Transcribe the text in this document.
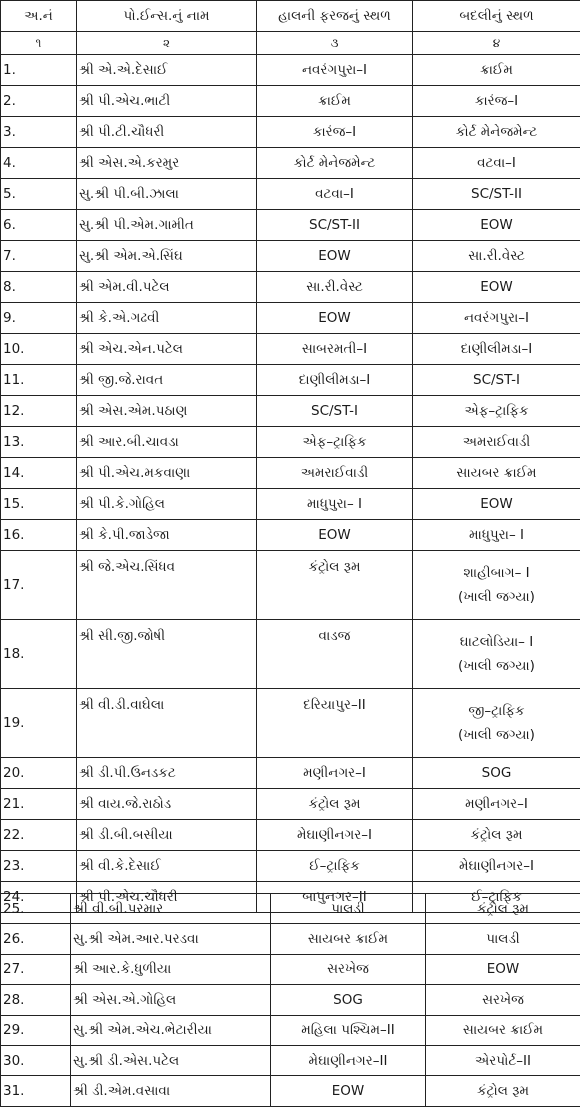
અ.નં	પો.ઈન્સ.નું નામ	હાલની ફરજનું સ્થળ	બદલીનું સ્થળ
૧	૨	૩	૪
1.	શ્રી એ.એ.દેસાઈ	નવરંગપુરા–I	ક્રાઈમ
2.	શ્રી પી.એચ.ભાટી	ક્રાઈમ	કારંજ–I
3.	શ્રી પી.ટી.ચૌધરી	કારંજ–I	કોર્ટ મેનેજમેન્ટ
4.	શ્રી એસ.એ.કરમુર	કોર્ટ મેનેજમેન્ટ	વટવા–I
5.	સુ.શ્રી પી.બી.ઝાલા	વટવા–I	SC/ST-II
6.	સુ.શ્રી પી.એમ.ગામીત	SC/ST-II	EOW
7.	સુ.શ્રી એમ.એ.સિંઘ	EOW	સા.રી.વેસ્ટ
8.	શ્રી એમ.વી.પટેલ	સા.રી.વેસ્ટ	EOW
9.	શ્રી કે.એ.ગઢવી	EOW	નવરંગપુરા–I
10.	શ્રી એચ.એન.પટેલ	સાબરમતી–I	દાણીલીમડા–I
11.	શ્રી જી.જે.રાવત	દાણીલીમડા–I	SC/ST-I
12.	શ્રી એસ.એમ.પઠાણ	SC/ST-I	એફ–ટ્રાફિક
13.	શ્રી આર.બી.ચાવડા	એફ–ટ્રાફિક	અમરાઈવાડી
14.	શ્રી પી.એચ.મકવાણા	અમરાઈવાડી	સાયબર ક્રાઈમ
15.	શ્રી પી.કે.ગોહિલ	માધુપુરા– I	EOW
16.	શ્રી કે.પી.જાડેજા	EOW	માધુપુરા– I
17.	શ્રી જે.એચ.સિંધવ	કંટ્રોલ રૂમ	શાહીબાગ– I
(ખાલી જગ્યા)

18.	શ્રી સી.જી.જોષી	વાડજ	ઘાટલોડિયા– I
(ખાલી જગ્યા)

19.	શ્રી વી.ડી.વાઘેલા	દરિયાપુર–II	જી–ટ્રાફિક
(ખાલી જગ્યા)

20.	શ્રી ડી.પી.ઉનડકટ	મણીનગર–I	SOG
21.	શ્રી વાય.જે.રાઠોડ	કંટ્રોલ રૂમ	મણીનગર–I
22.	શ્રી ડી.બી.બસીયા	મેઘાણીનગર–I	કંટ્રોલ રૂમ
23.	શ્રી વી.કે.દેસાઈ	ઈ–ટ્રાફિક	મેઘાણીનગર–I
24.	શ્રી પી.એચ.ચૌધરી	બાપુનગર–II	ઈ–ટ્રાફિક
25.	શ્રી વી.બી.પરમાર	પાલડી	કંટ્રોલ રૂમ
26.	સુ.શ્રી એમ.આર.પરડવા	સાયબર ક્રાઈમ	પાલડી
27.	શ્રી આર.કે.ધુળીયા	સરખેજ	EOW
28.	શ્રી એસ.એ.ગોહિલ	SOG	સરખેજ
29.	સુ.શ્રી એમ.એચ.ભેટારીયા	મહિલા પશ્ચિમ–II	સાયબર ક્રાઈમ
30.	સુ.શ્રી ડી.એસ.પટેલ	મેઘાણીનગર–II	એરપોર્ટ–II
31.	શ્રી ડી.એમ.વસાવા	EOW	કંટ્રોલ રૂમ
